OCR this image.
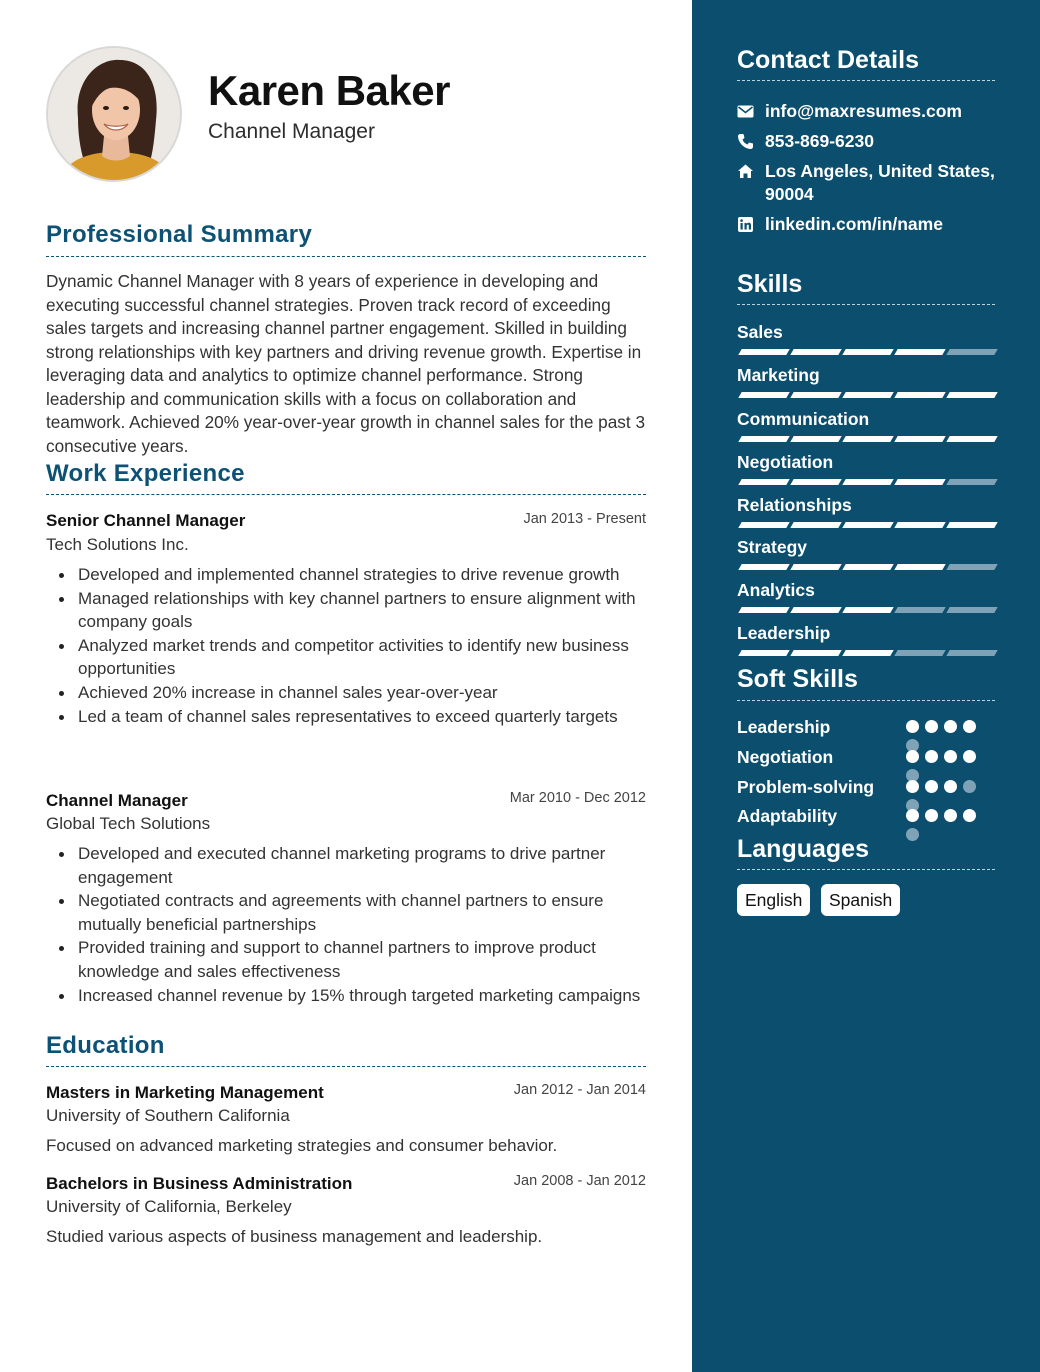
Karen Baker
Channel Manager
Professional Summary
Dynamic Channel Manager with 8 years of experience in developing and executing successful channel strategies. Proven track record of exceeding sales targets and increasing channel partner engagement. Skilled in building strong relationships with key partners and driving revenue growth. Expertise in leveraging data and analytics to optimize channel performance. Strong leadership and communication skills with a focus on collaboration and teamwork. Achieved 20% year-over-year growth in channel sales for the past 3 consecutive years.
Work Experience
Senior Channel Manager	Jan 2013 - Present
Tech Solutions Inc.
Developed and implemented channel strategies to drive revenue growth
Managed relationships with key channel partners to ensure alignment with company goals
Analyzed market trends and competitor activities to identify new business opportunities
Achieved 20% increase in channel sales year-over-year
Led a team of channel sales representatives to exceed quarterly targets
Channel Manager	Mar 2010 - Dec 2012
Global Tech Solutions
Developed and executed channel marketing programs to drive partner engagement
Negotiated contracts and agreements with channel partners to ensure mutually beneficial partnerships
Provided training and support to channel partners to improve product knowledge and sales effectiveness
Increased channel revenue by 15% through targeted marketing campaigns
Education
Masters in Marketing Management	Jan 2012 - Jan 2014
University of Southern California
Focused on advanced marketing strategies and consumer behavior.
Bachelors in Business Administration	Jan 2008 - Jan 2012
University of California, Berkeley
Studied various aspects of business management and leadership.
Contact Details
info@maxresumes.com
853-869-6230
Los Angeles, United States, 90004
linkedin.com/in/name
Skills
Sales
Marketing
Communication
Negotiation
Relationships
Strategy
Analytics
Leadership
Soft Skills
Leadership
Negotiation
Problem-solving
Adaptability
Languages
English	Spanish
